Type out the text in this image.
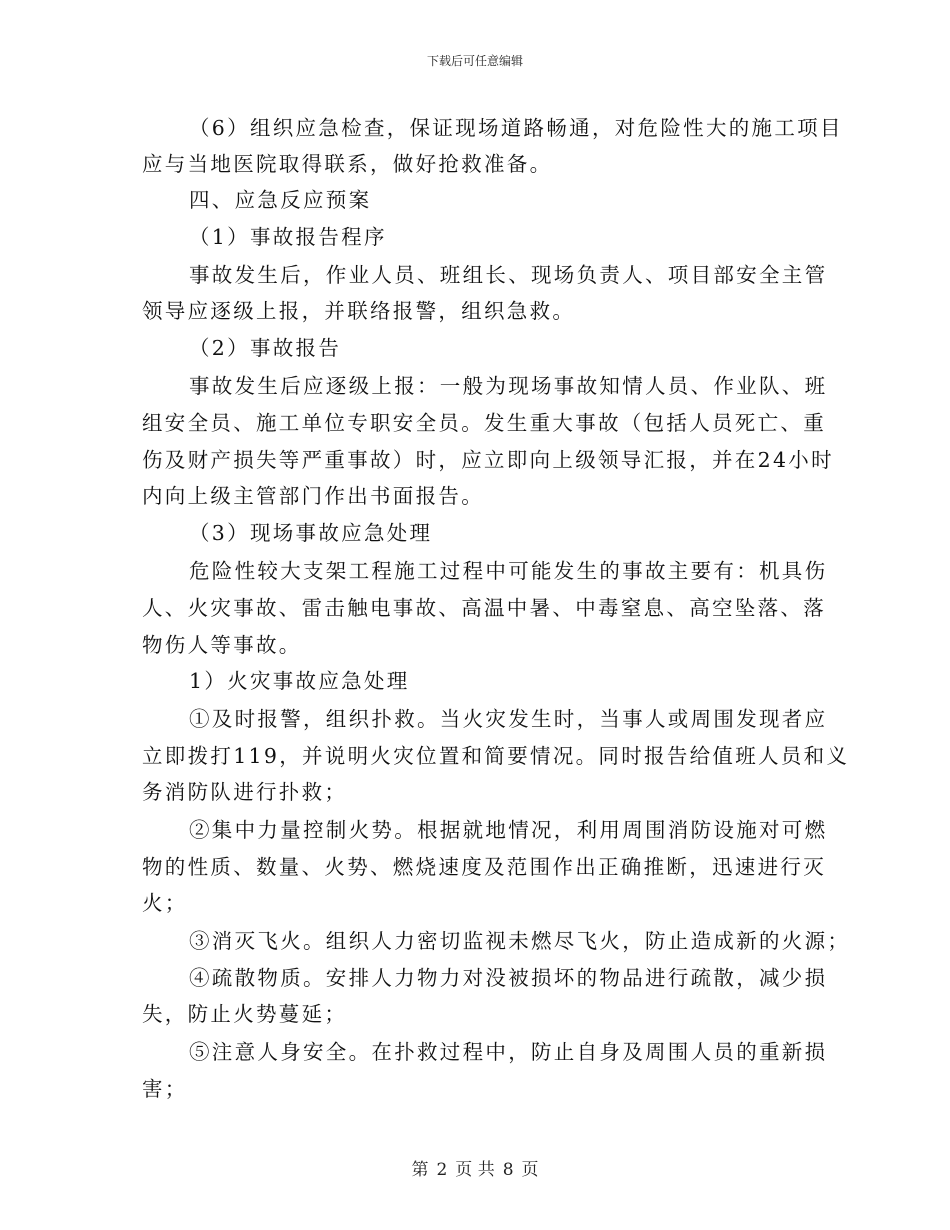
下载后可任意编辑
（6）组织应急检查，保证现场道路畅通，对危险性大的施工项目
应与当地医院取得联系，做好抢救准备。
四、应急反应预案
（1）事故报告程序
事故发生后，作业人员、班组长、现场负责人、项目部安全主管
领导应逐级上报，并联络报警，组织急救。
（2）事故报告
事故发生后应逐级上报：一般为现场事故知情人员、作业队、班
组安全员、施工单位专职安全员。发生重大事故（包括人员死亡、重
伤及财产损失等严重事故）时，应立即向上级领导汇报，并在24小时
内向上级主管部门作出书面报告。
（3）现场事故应急处理
危险性较大支架工程施工过程中可能发生的事故主要有：机具伤
人、火灾事故、雷击触电事故、高温中暑、中毒窒息、高空坠落、落
物伤人等事故。
1）火灾事故应急处理
①及时报警，组织扑救。当火灾发生时，当事人或周围发现者应
立即拨打119，并说明火灾位置和简要情况。同时报告给值班人员和义
务消防队进行扑救；
②集中力量控制火势。根据就地情况，利用周围消防设施对可燃
物的性质、数量、火势、燃烧速度及范围作出正确推断，迅速进行灭
火；
③消灭飞火。组织人力密切监视未燃尽飞火，防止造成新的火源；
④疏散物质。安排人力物力对没被损坏的物品进行疏散，减少损
失，防止火势蔓延；
⑤注意人身安全。在扑救过程中，防止自身及周围人员的重新损
害；
第 2 页 共 8 页
